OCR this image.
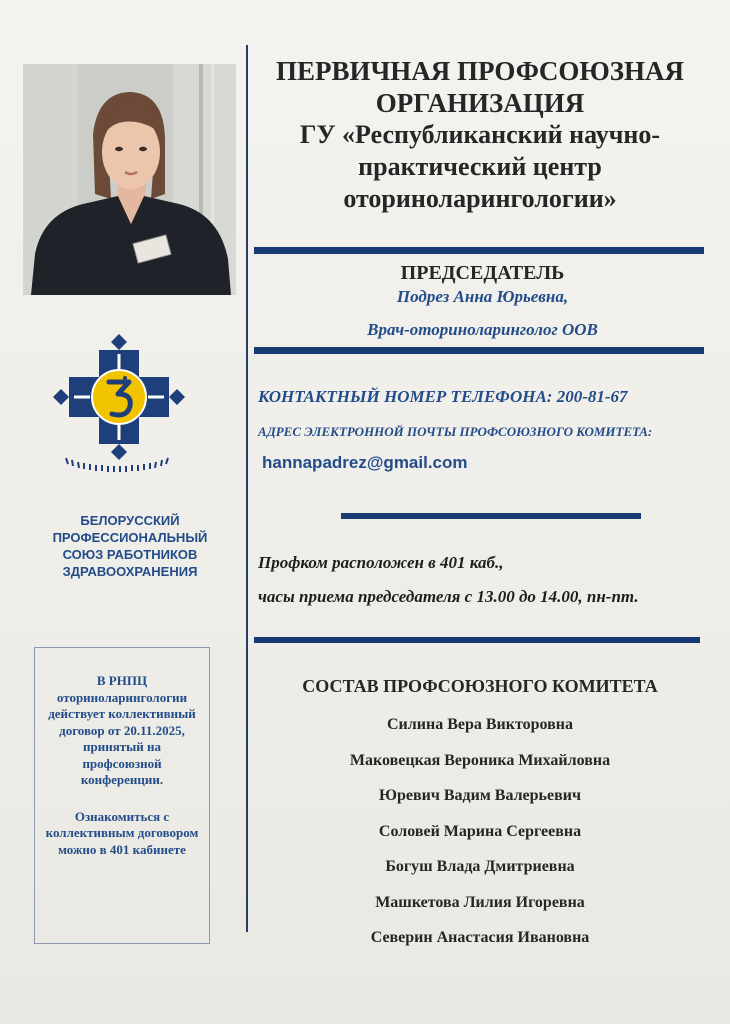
ПЕРВИЧНАЯ ПРОФСОЮЗНАЯ ОРГАНИЗАЦИЯ
ГУ «Республиканский научно-практический центр оториноларингологии»
ПРЕДСЕДАТЕЛЬ
Подрез Анна Юрьевна,
Врач-оториноларинголог ООВ
КОНТАКТНЫЙ НОМЕР ТЕЛЕФОНА: 200-81-67
АДРЕС ЭЛЕКТРОННОЙ ПОЧТЫ ПРОФСОЮЗНОГО КОМИТЕТА:
hannapadrez@gmail.com
Профком расположен в 401 каб.,
часы приема председателя с 13.00 до 14.00, пн-пт.
СОСТАВ ПРОФСОЮЗНОГО КОМИТЕТА
Силина Вера Викторовна
Маковецкая Вероника Михайловна
Юревич Вадим Валерьевич
Соловей Марина Сергеевна
Богуш Влада Дмитриевна
Машкетова Лилия Игоревна
Северин Анастасия Ивановна
БЕЛОРУССКИЙ
ПРОФЕССИОНАЛЬНЫЙ
СОЮЗ РАБОТНИКОВ
ЗДРАВООХРАНЕНИЯ

В РНПЦ оториноларингологии действует коллективный договор от 20.11.2025, принятый на профсоюзной конференции.

Ознакомиться с коллективным договором можно в 401 кабинете
